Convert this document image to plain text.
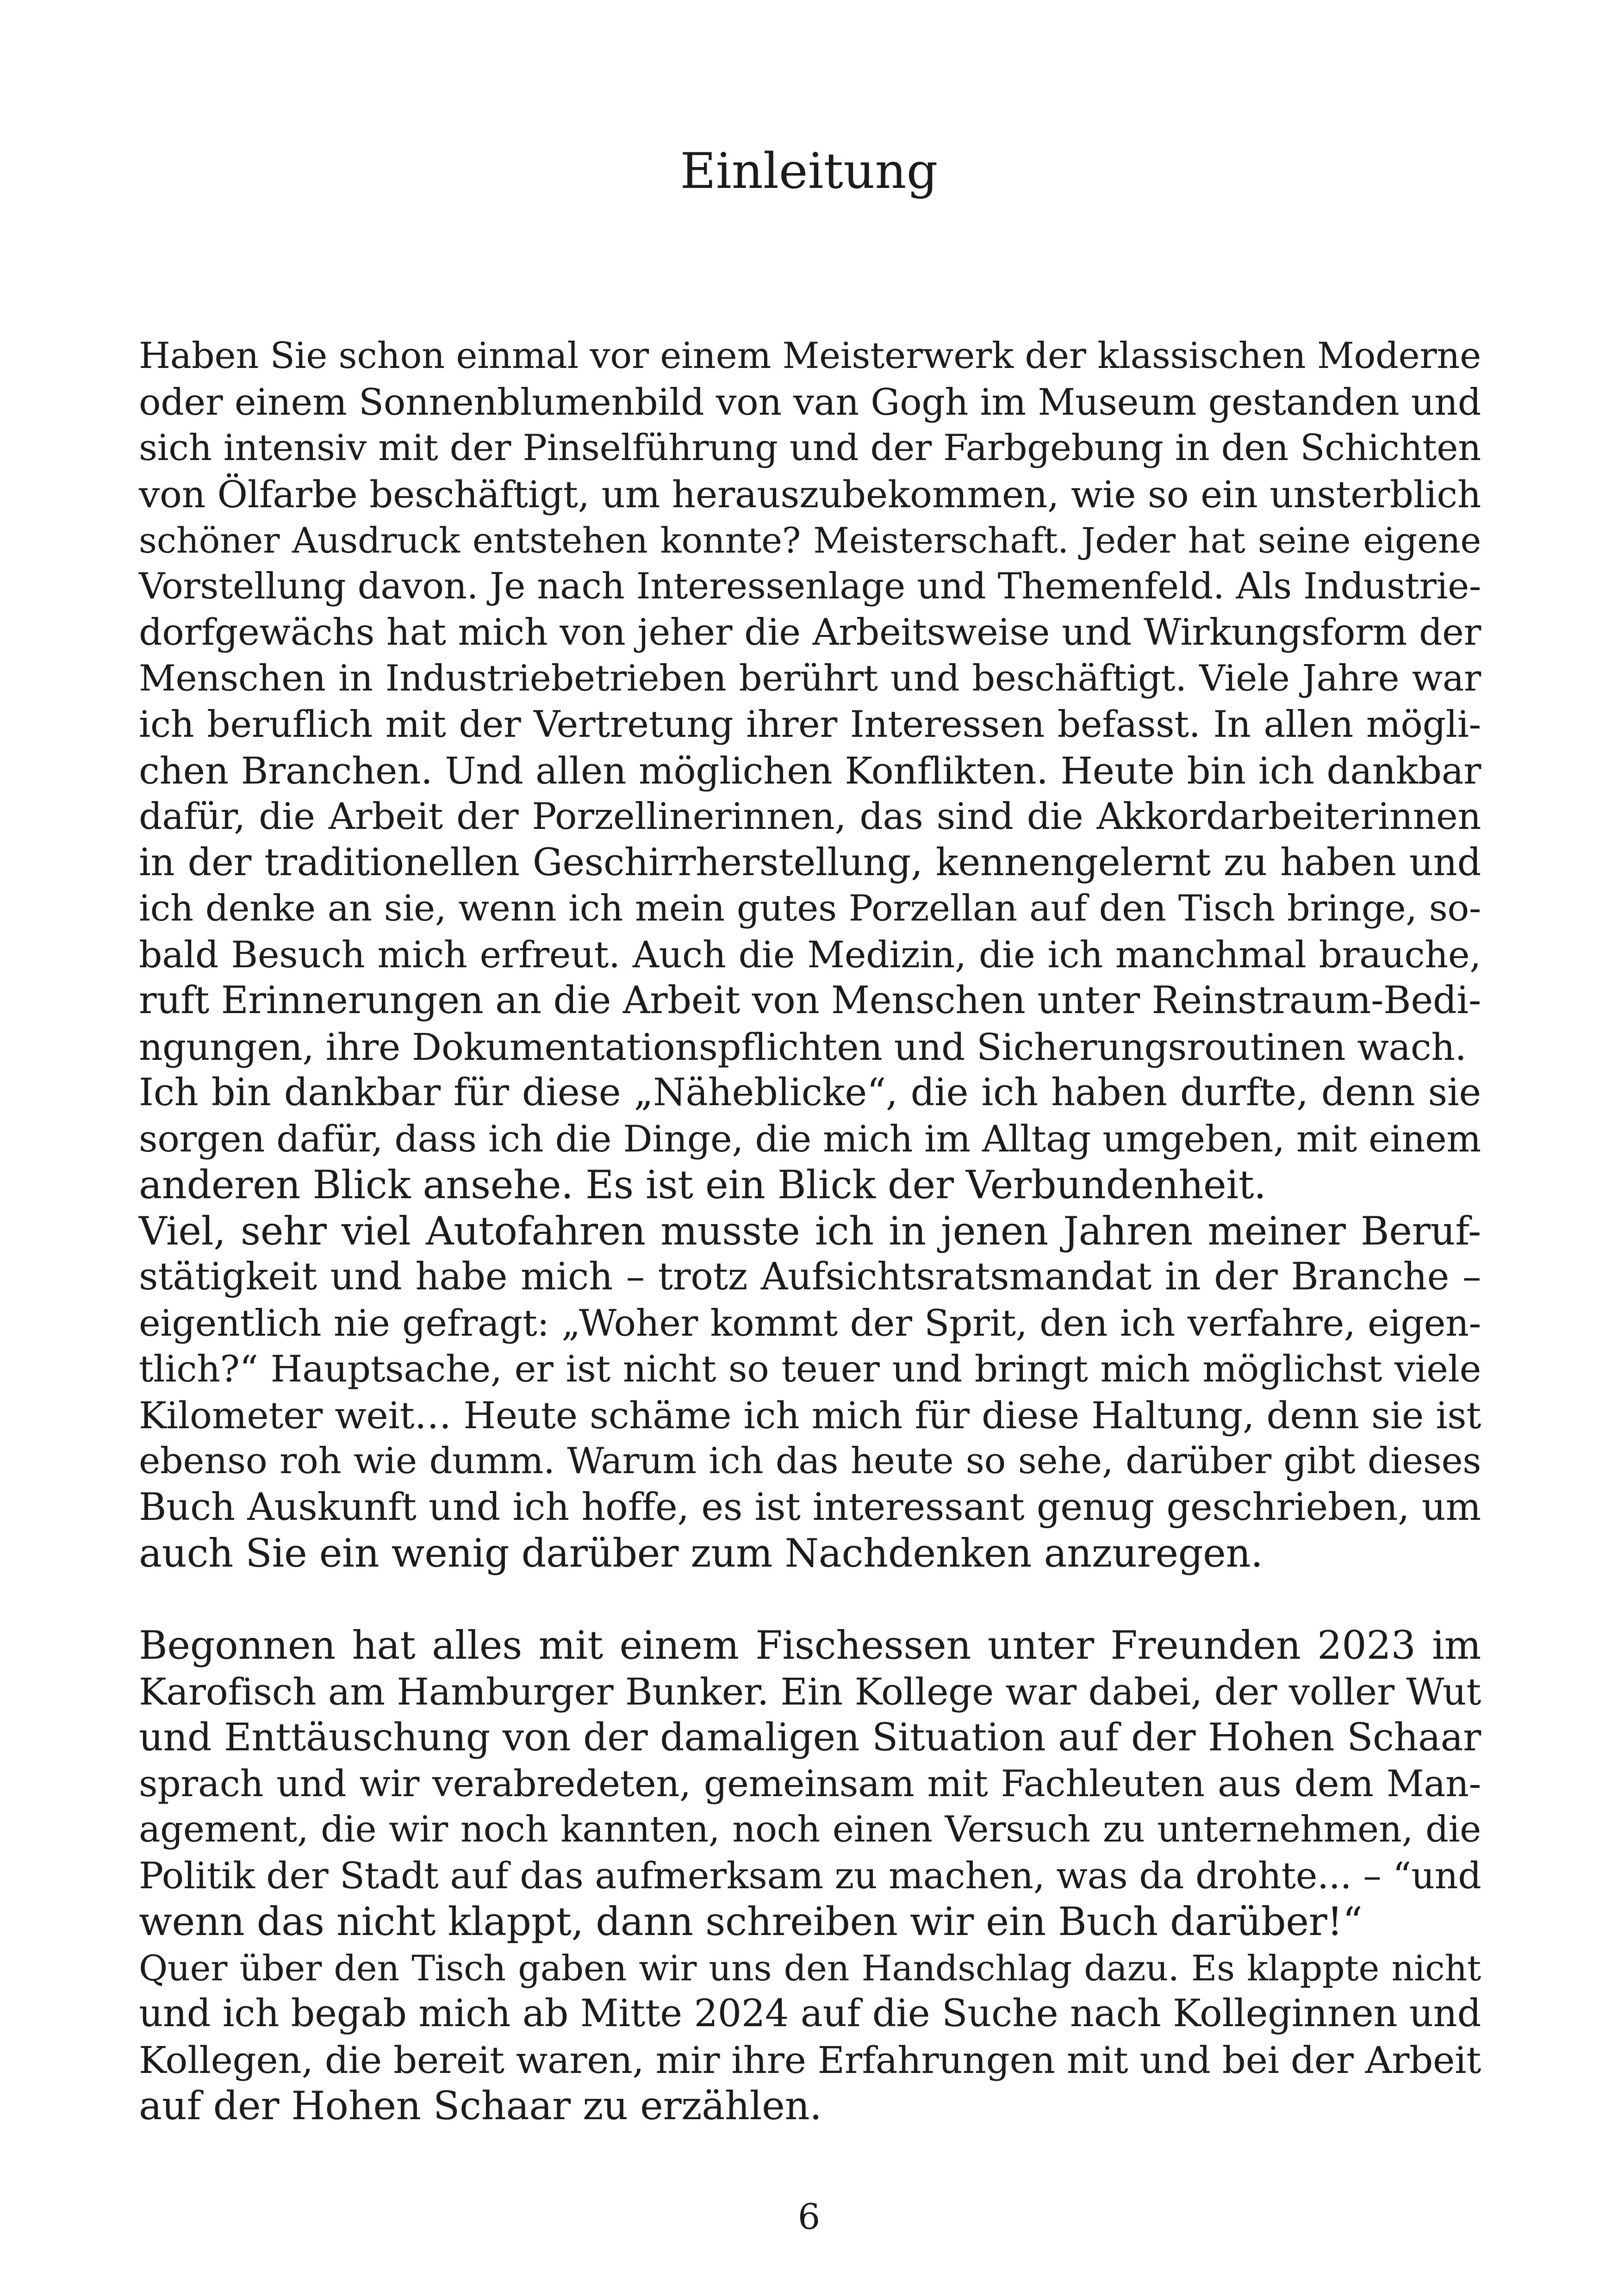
Einleitung
Haben Sie schon einmal vor einem Meisterwerk der klassischen Moderne
oder einem Sonnenblumenbild von van Gogh im Museum gestanden und
sich intensiv mit der Pinselführung und der Farbgebung in den Schichten
von Ölfarbe beschäftigt, um herauszubekommen, wie so ein unsterblich
schöner Ausdruck entstehen konnte? Meisterschaft. Jeder hat seine eigene
Vorstellung davon. Je nach Interessenlage und Themenfeld. Als Industrie-
dorfgewächs hat mich von jeher die Arbeitsweise und Wirkungsform der
Menschen in Industriebetrieben berührt und beschäftigt. Viele Jahre war
ich beruflich mit der Vertretung ihrer Interessen befasst. In allen mögli-
chen Branchen. Und allen möglichen Konflikten. Heute bin ich dankbar
dafür, die Arbeit der Porzellinerinnen, das sind die Akkordarbeiterinnen
in der traditionellen Geschirrherstellung, kennengelernt zu haben und
ich denke an sie, wenn ich mein gutes Porzellan auf den Tisch bringe, so-
bald Besuch mich erfreut. Auch die Medizin, die ich manchmal brauche,
ruft Erinnerungen an die Arbeit von Menschen unter Reinstraum-Bedi-
ngungen, ihre Dokumentationspflichten und Sicherungsroutinen wach.
Ich bin dankbar für diese „Näheblicke“, die ich haben durfte, denn sie
sorgen dafür, dass ich die Dinge, die mich im Alltag umgeben, mit einem
anderen Blick ansehe. Es ist ein Blick der Verbundenheit.
Viel, sehr viel Autofahren musste ich in jenen Jahren meiner Beruf-
stätigkeit und habe mich – trotz Aufsichtsratsmandat in der Branche –
eigentlich nie gefragt: „Woher kommt der Sprit, den ich verfahre, eigen-
tlich?“ Hauptsache, er ist nicht so teuer und bringt mich möglichst viele
Kilometer weit… Heute schäme ich mich für diese Haltung, denn sie ist
ebenso roh wie dumm. Warum ich das heute so sehe, darüber gibt dieses
Buch Auskunft und ich hoffe, es ist interessant genug geschrieben, um
auch Sie ein wenig darüber zum Nachdenken anzuregen.
Begonnen hat alles mit einem Fischessen unter Freunden 2023 im
Karofisch am Hamburger Bunker. Ein Kollege war dabei, der voller Wut
und Enttäuschung von der damaligen Situation auf der Hohen Schaar
sprach und wir verabredeten, gemeinsam mit Fachleuten aus dem Man-
agement, die wir noch kannten, noch einen Versuch zu unternehmen, die
Politik der Stadt auf das aufmerksam zu machen, was da drohte... – “und
wenn das nicht klappt, dann schreiben wir ein Buch darüber!“
Quer über den Tisch gaben wir uns den Handschlag dazu. Es klappte nicht
und ich begab mich ab Mitte 2024 auf die Suche nach Kolleginnen und
Kollegen, die bereit waren, mir ihre Erfahrungen mit und bei der Arbeit
auf der Hohen Schaar zu erzählen.
6
